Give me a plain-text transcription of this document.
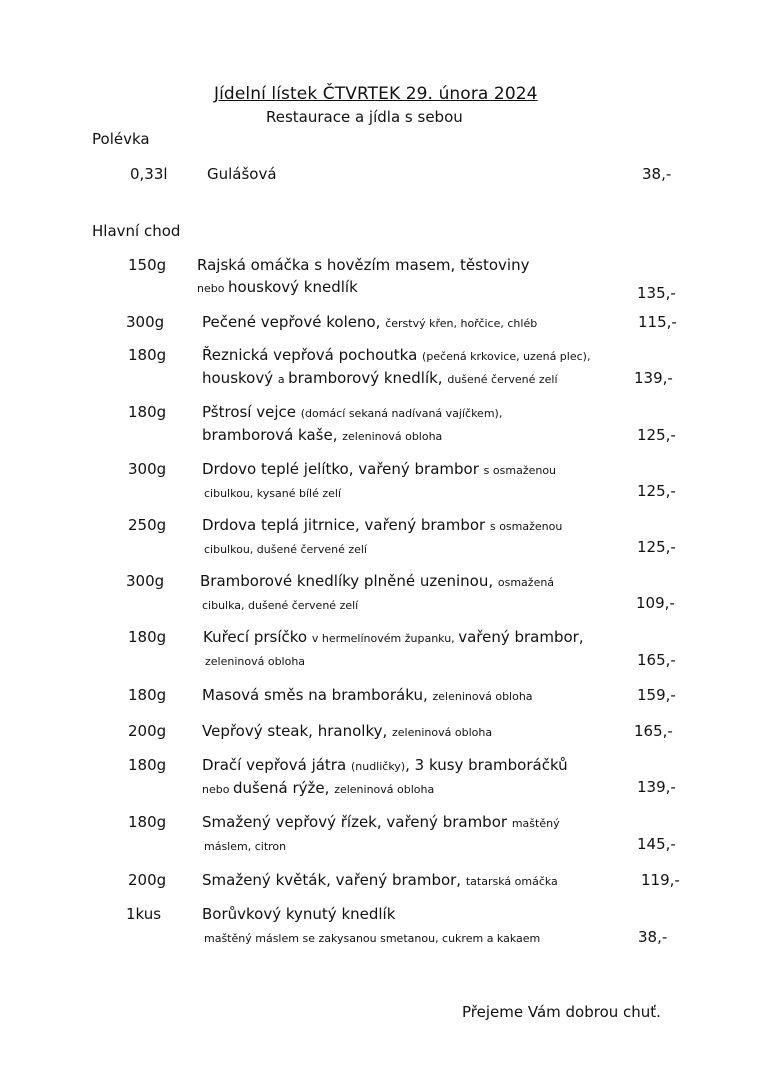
Jídelní lístek ČTVRTEK 29. února 2024
Restaurace a jídla s sebou
Polévka
0,33l	Gulášová	38,-
Hlavní chod
150g Rajská omáčka s hovězím masem, těstoviny
nebo houskový knedlík	135,-
300g	Pečené vepřové koleno, čerstvý křen, hořčice, chléb	115,-
180g Řeznická vepřová pochoutka (pečená krkovice, uzená plec),
houskový a bramborový knedlík, dušené červené zelí	139,-
180g Pštrosí vejce (domácí sekaná nadívaná vajíčkem),
bramborová kaše, zeleninová obloha	125,-
300g Drdovo teplé jelítko, vařený brambor s osmaženou
cibulkou, kysané bílé zelí	125,-
250g Drdova teplá jitrnice, vařený brambor s osmaženou
cibulkou, dušené červené zelí	125,-
300g Bramborové knedlíky plněné uzeninou, osmažená
cibulka, dušené červené zelí	109,-
180g Kuřecí prsíčko v hermelínovém županku, vařený brambor,
zeleninová obloha	165,-
180g Masová směs na bramboráku, zeleninová obloha	159,-
200g Vepřový steak, hranolky, zeleninová obloha	165,-
180g Dračí vepřová játra (nudličky), 3 kusy bramboráčků
nebo dušená rýže, zeleninová obloha	139,-
180g Smažený vepřový řízek, vařený brambor maštěný
máslem, citron	145,-
200g Smažený květák, vařený brambor, tatarská omáčka	119,-
1kus	Borůvkový kynutý knedlík
maštěný máslem se zakysanou smetanou, cukrem a kakaem	38,-
Přejeme Vám dobrou chuť.
